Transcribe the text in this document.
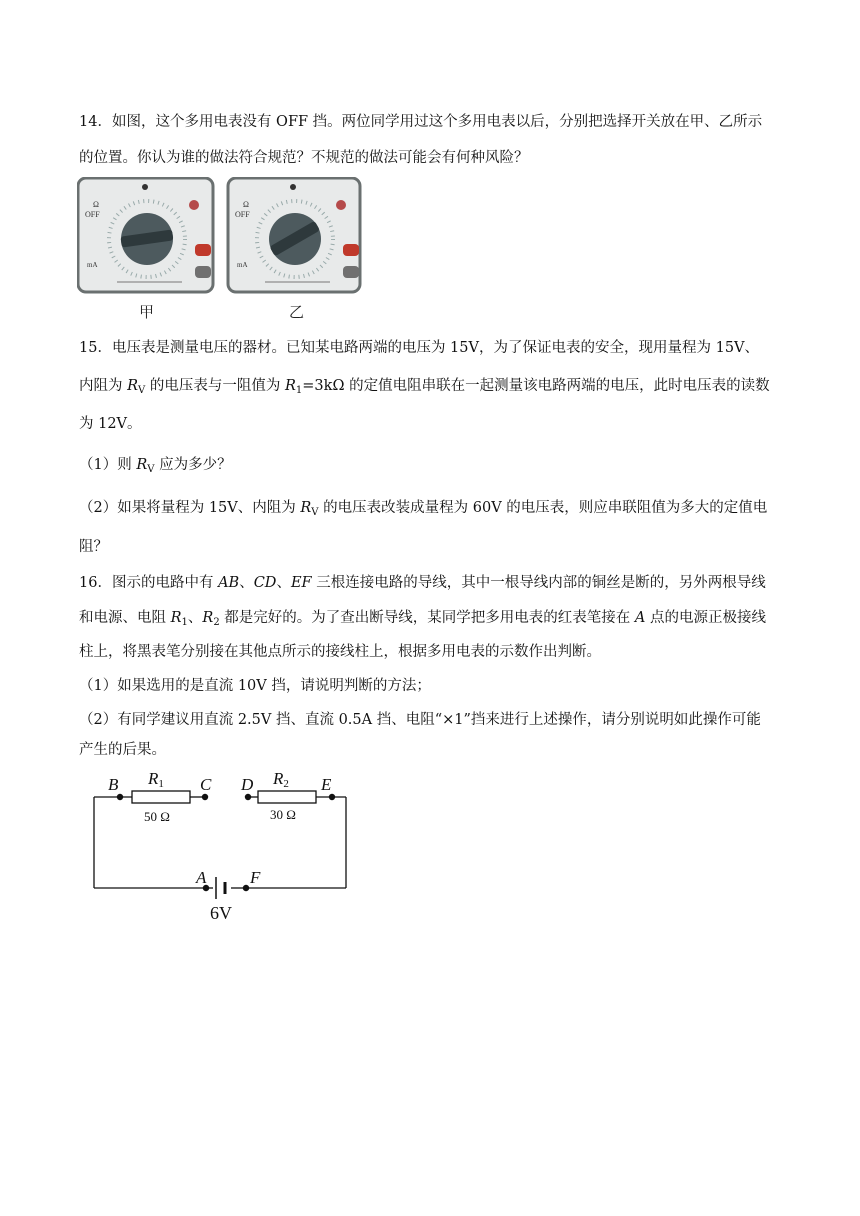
14．如图，这个多用电表没有 OFF 挡。两位同学用过这个多用电表以后，分别把选择开关放在甲、乙所示
的位置。你认为谁的做法符合规范？不规范的做法可能会有何种风险？
Ω
OFF
mA
Ω
OFF
mA
甲	乙
15．电压表是测量电压的器材。已知某电路两端的电压为 15V，为了保证电表的安全，现用量程为 15V、
内阻为 $R_V$ 的电压表与一阻值为 $R_1=3k\Omega$ 的定值电阻串联在一起测量该电路两端的电压，此时电压表的读数
为 12V。
（1）则 $R_V$ 应为多少？
（2）如果将量程为 15V、内阻为 $R_V$ 的电压表改装成量程为 60V 的电压表，则应串联阻值为多大的定值电
阻？
16．图示的电路中有 AB、CD、EF 三根连接电路的导线，其中一根导线内部的铜丝是断的，另外两根导线
和电源、电阻 $R_1$、$R_2$ 都是完好的。为了查出断导线，某同学把多用电表的红表笔接在 A 点的电源正极接线
柱上，将黑表笔分别接在其他点所示的接线柱上，根据多用电表的示数作出判断。
（1）如果选用的是直流 10V 挡，请说明判断的方法；
（2）有同学建议用直流 2.5V 挡、直流 0.5A 挡、电阻“×1”挡来进行上述操作，请分别说明如此操作可能
产生的后果。
B	C D	E
A	F
R1	R2
50 Ω	30 Ω
6V
